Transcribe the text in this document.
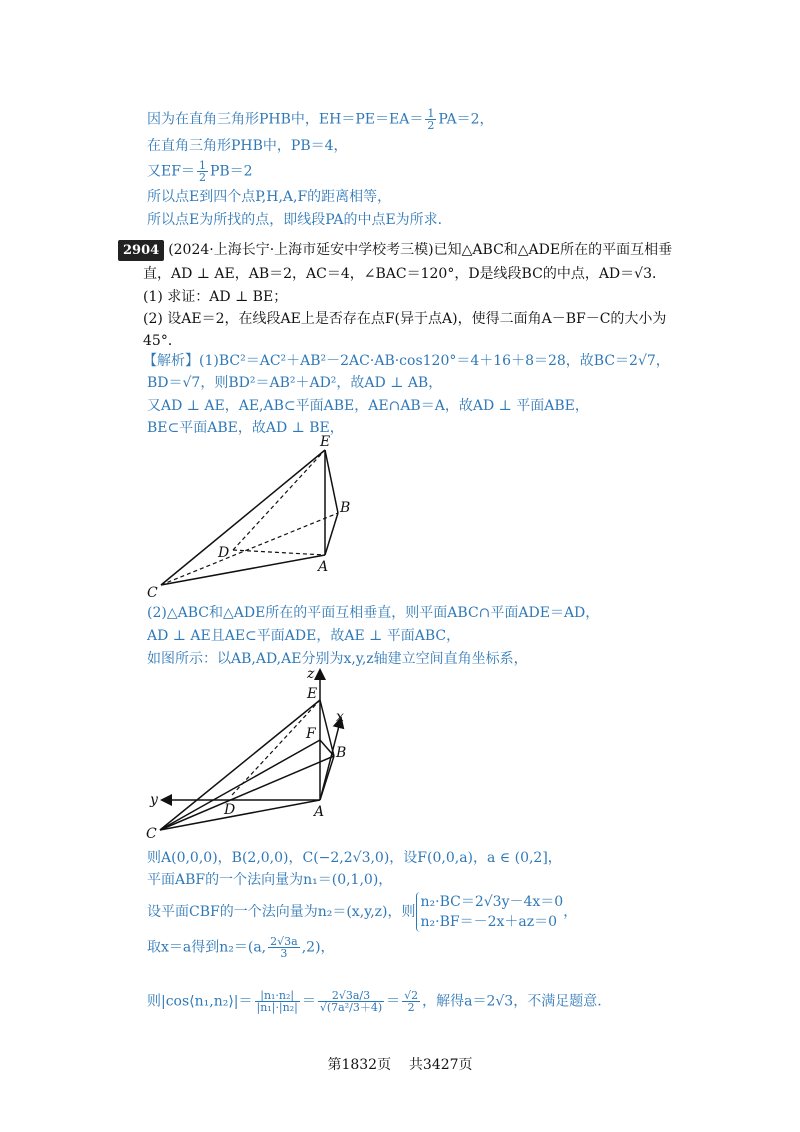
因为在直角三角形PHB中，$EH=PE=EA= \frac{1}{2} PA=2$，
在直角三角形PHB中，PB＝4，
又$EF= \frac{1}{2} PB=2$
所以点E到四个点P,H,A,F的距离相等，
所以点E为所找的点，即线段PA的中点E为所求．
2904 (2024·上海长宁·上海市延安中学校考三模)已知△ABC和△ADE所在的平面互相垂
直，AD ⊥ AE，AB＝2，AC＝4，∠BAC＝120°，D是线段BC的中点，AD＝√3．
(1) 求证：AD ⊥ BE；
(2) 设AE＝2，在线段AE上是否存在点F(异于点A)，使得二面角A－BF－C的大小为
45°．
【解析】(1)BC²＝AC²＋AB²－2AC·AB·cos120°＝4＋16＋8＝28，故BC＝2√7，
BD＝√7，则BD²＝AB²＋AD²，故AD ⊥ AB，
又AD ⊥ AE，AE,AB⊂平面ABE，AE∩AB＝A，故AD ⊥ 平面ABE，
BE⊂平面ABE，故AD ⊥ BE，
E
B
D
A
C
(2)△ABC和△ADE所在的平面互相垂直，则平面ABC∩平面ADE＝AD，
AD ⊥ AE且AE⊂平面ADE，故AE ⊥ 平面ABC，
如图所示：以AB,AD,AE分别为x,y,z轴建立空间直角坐标系，
z
E
x
F
B
y
D	A
C
则A(0,0,0)，B(2,0,0)，C(−2,2√3,0)，设F(0,0,a)，a ∈ (0,2]，
平面ABF的一个法向量为n₁＝(0,1,0)，
设平面CBF的一个法向量为n₂＝(x,y,z)，则
n₂·BC＝2√3y－4x＝0
n₂·BF＝－2x＋az＝0
，
取x＝a得到n₂＝(a, $\frac{2√3a}{3} ,2$)，
则|cos⟨n₁,n₂⟩|＝ $\frac{\text{|n₁·n₂|}}{\text{|n₁|·|n₂|}} = \frac{2√3a/3}{\text{√(7a²/3＋4)}} = \frac{√2}{2}$ ，解得a＝2√3，不满足题意.
第1832页 共3427页
